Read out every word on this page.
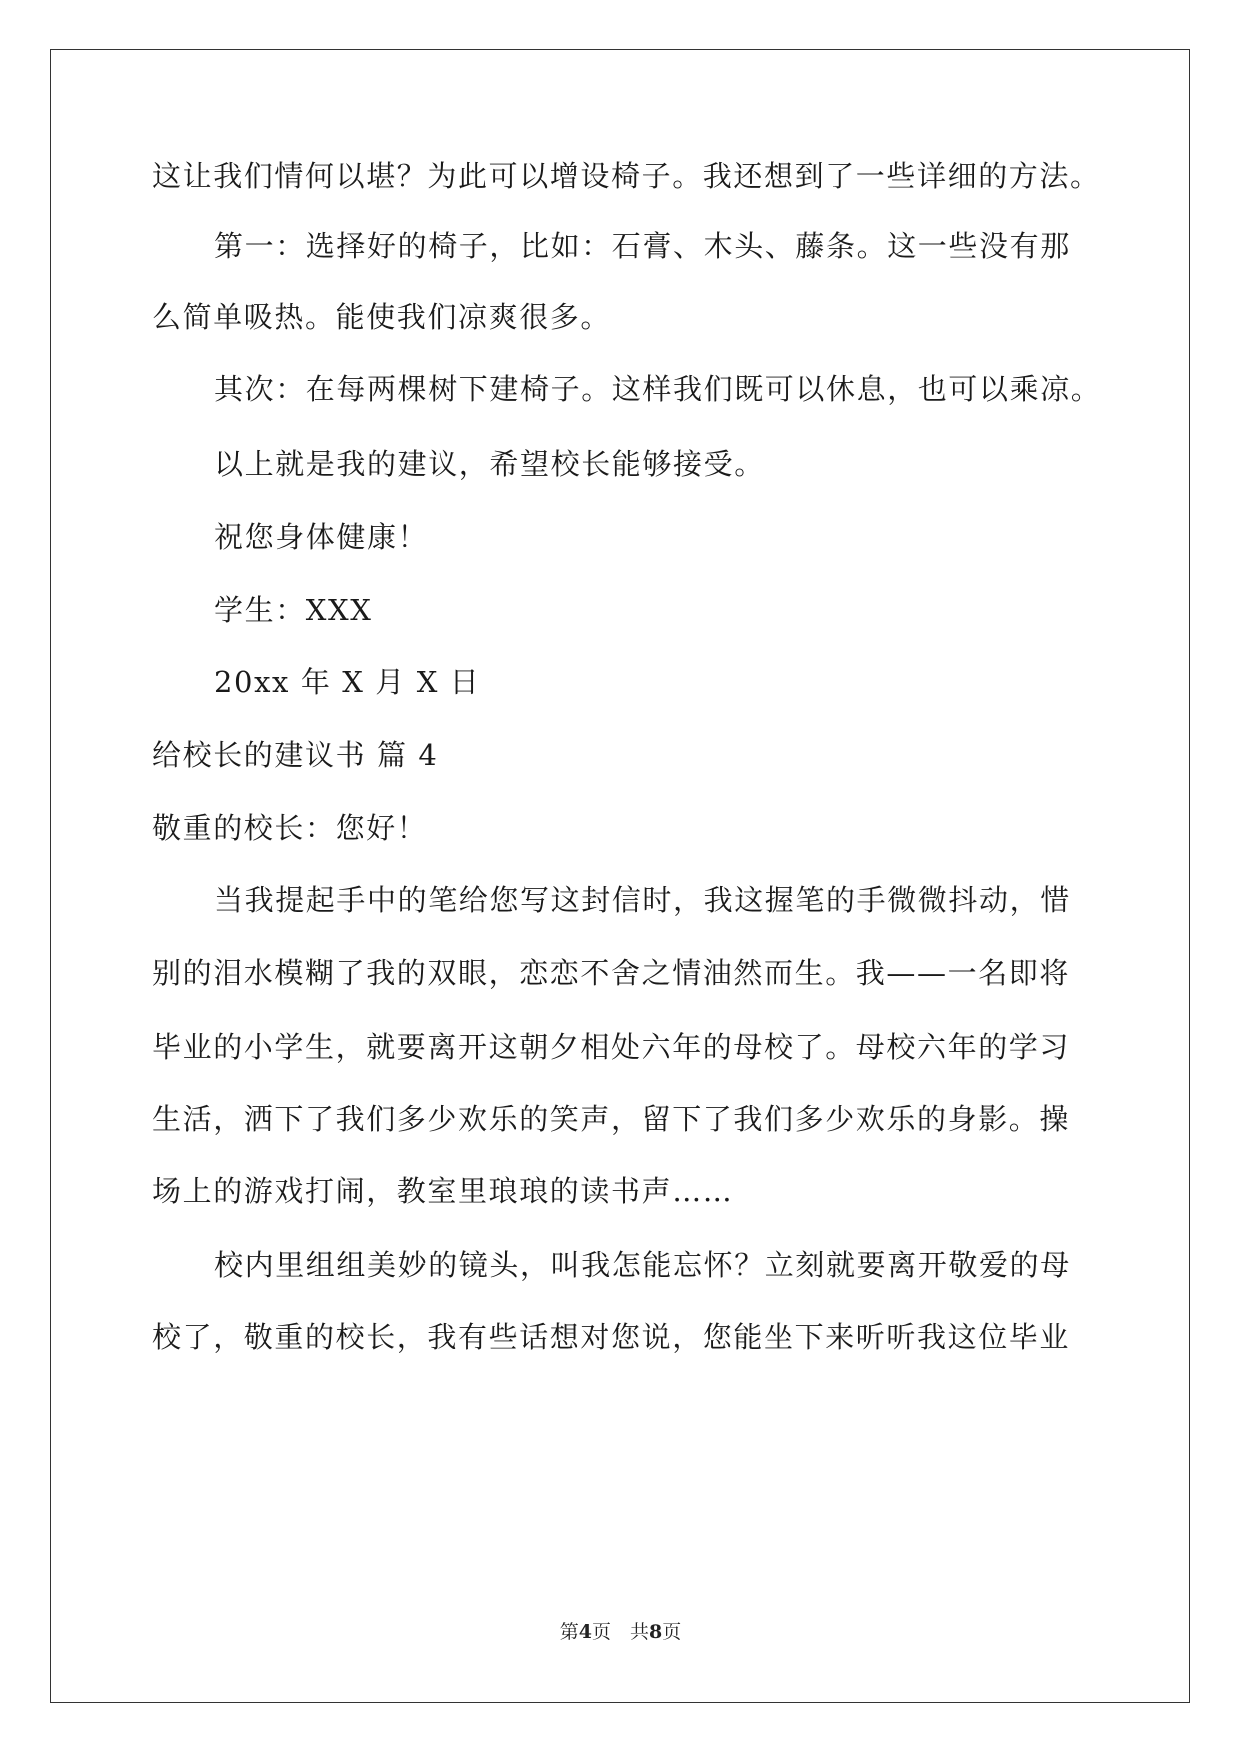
这让我们情何以堪？为此可以增设椅子。我还想到了一些详细的方法。
第一：选择好的椅子，比如：石膏、木头、藤条。这一些没有那
么简单吸热。能使我们凉爽很多。
其次：在每两棵树下建椅子。这样我们既可以休息，也可以乘凉。
以上就是我的建议，希望校长能够接受。
祝您身体健康！
学生：XXX
20xx 年 X 月 X 日
给校长的建议书 篇 4
敬重的校长：您好！
当我提起手中的笔给您写这封信时，我这握笔的手微微抖动，惜
别的泪水模糊了我的双眼，恋恋不舍之情油然而生。我——一名即将
毕业的小学生，就要离开这朝夕相处六年的母校了。母校六年的学习
生活，洒下了我们多少欢乐的笑声，留下了我们多少欢乐的身影。操
场上的游戏打闹，教室里琅琅的读书声……
校内里组组美妙的镜头，叫我怎能忘怀？立刻就要离开敬爱的母
校了，敬重的校长，我有些话想对您说，您能坐下来听听我这位毕业
第4页　共8页
